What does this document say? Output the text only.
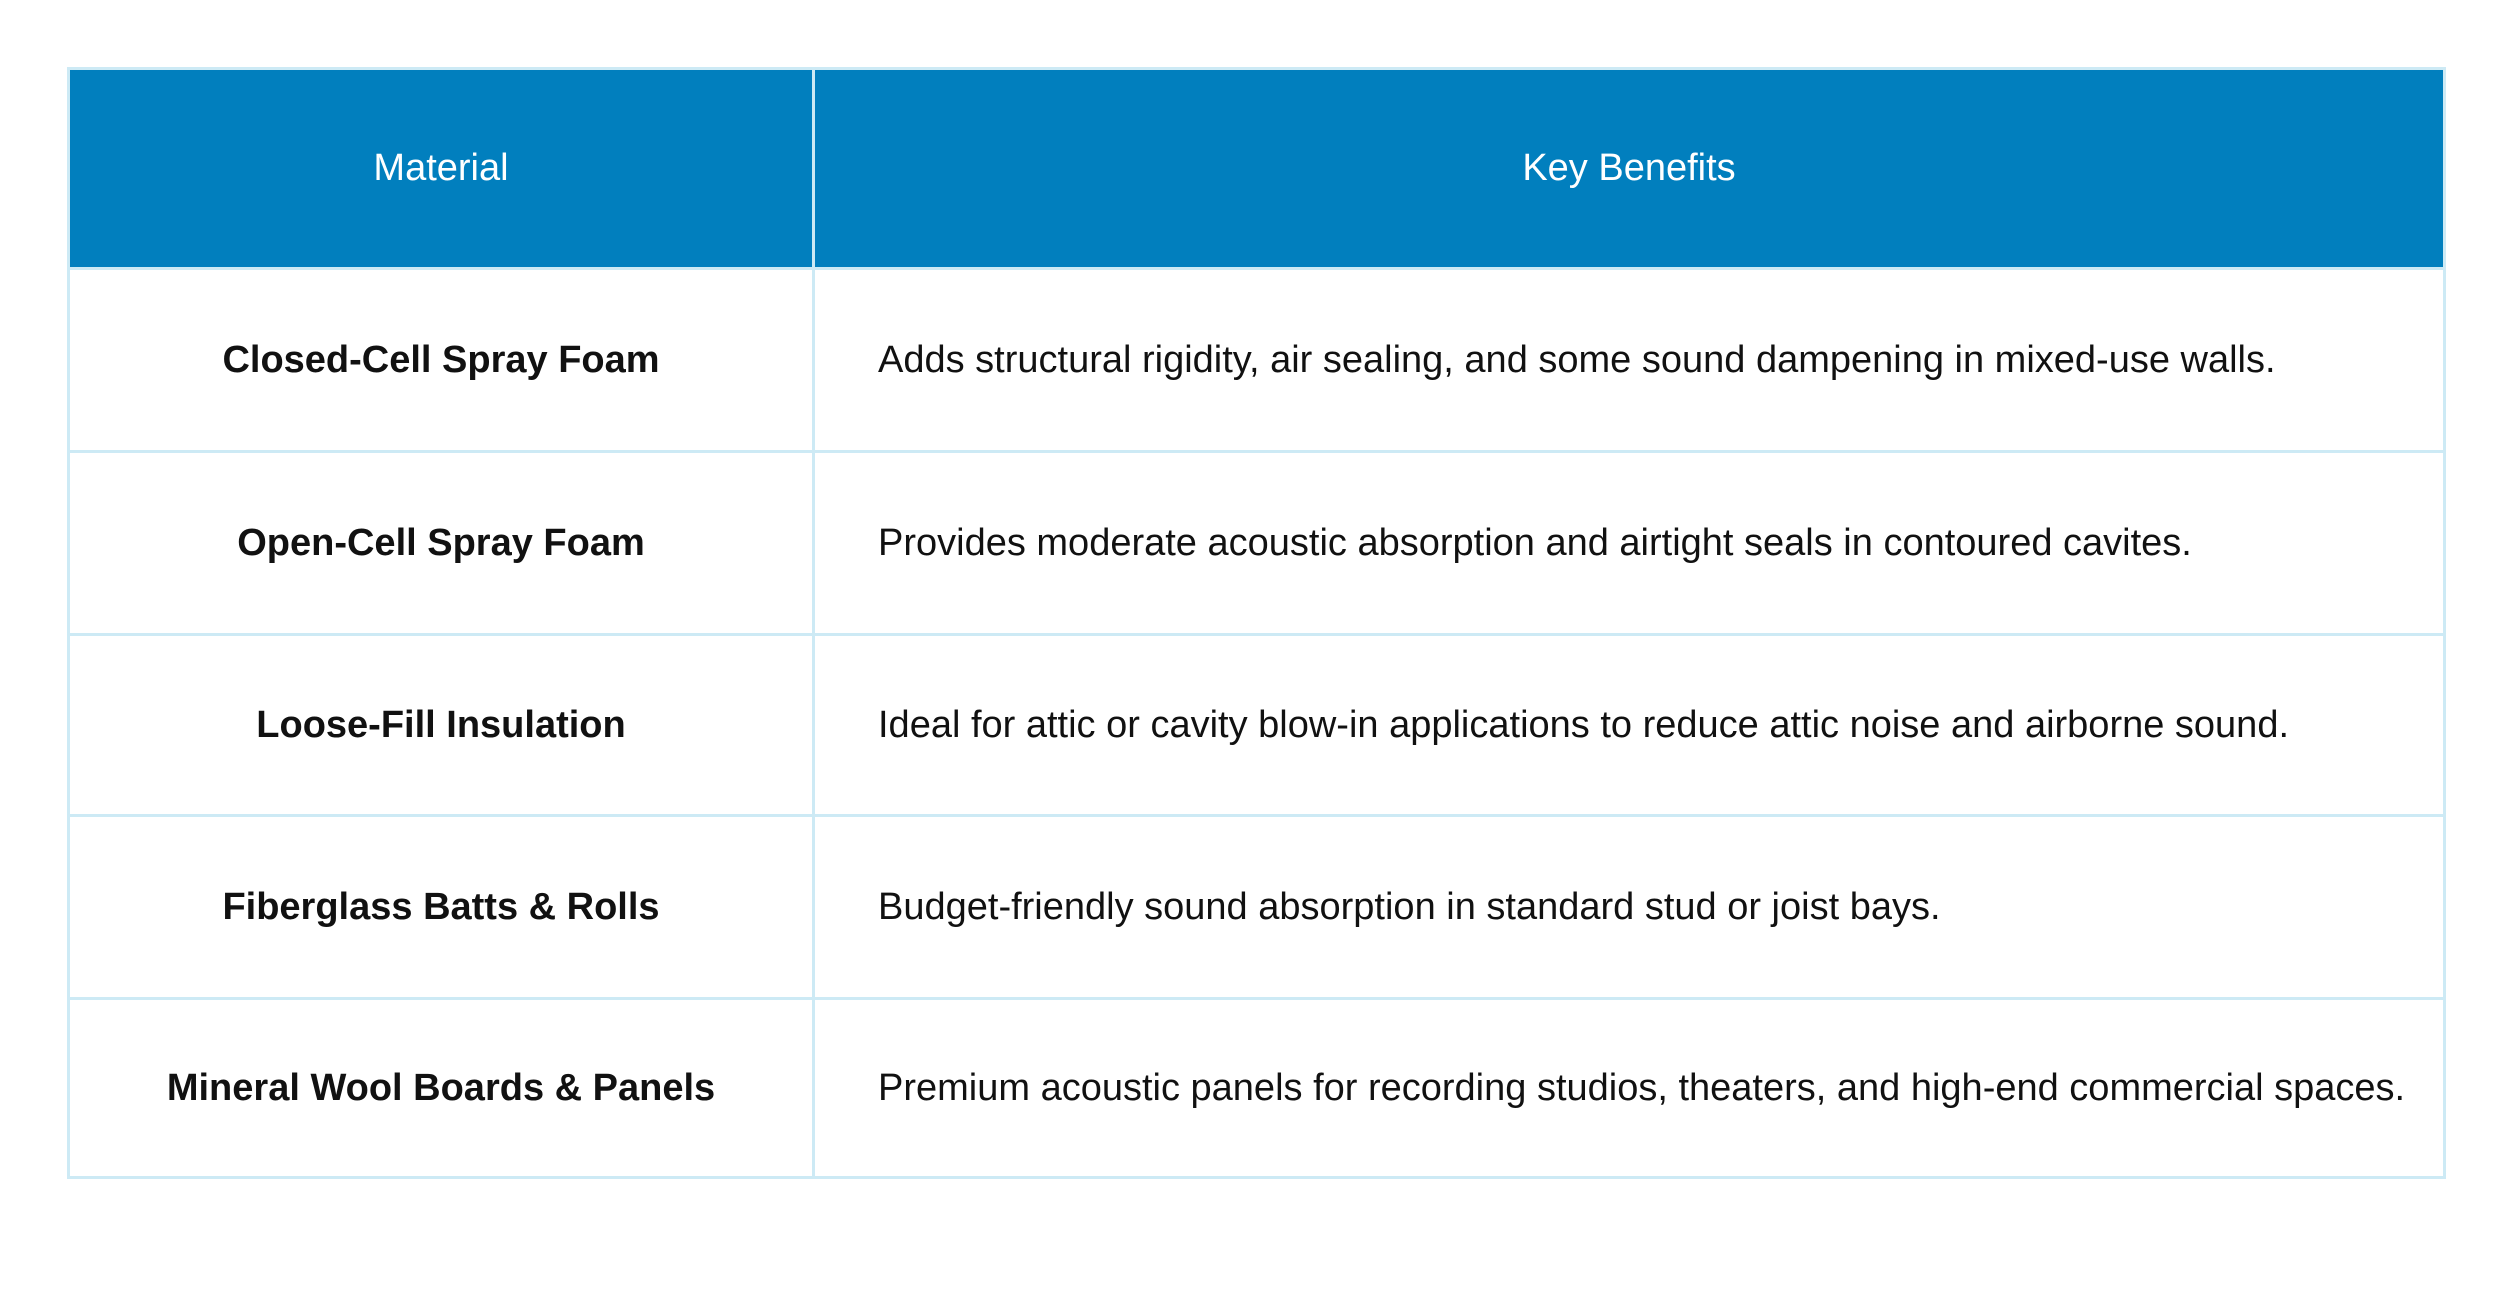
Material	Key Benefits
Closed-Cell Spray Foam	Adds structural rigidity, air sealing, and some sound dampening in mixed-use walls.
Open-Cell Spray Foam	Provides moderate acoustic absorption and airtight seals in contoured cavites.
Loose-Fill Insulation	Ideal for attic or cavity blow-in applications to reduce attic noise and airborne sound.
Fiberglass Batts & Rolls	Budget-friendly sound absorption in standard stud or joist bays.
Mineral Wool Boards & Panels	Premium acoustic panels for recording studios, theaters, and high-end commercial spaces.
